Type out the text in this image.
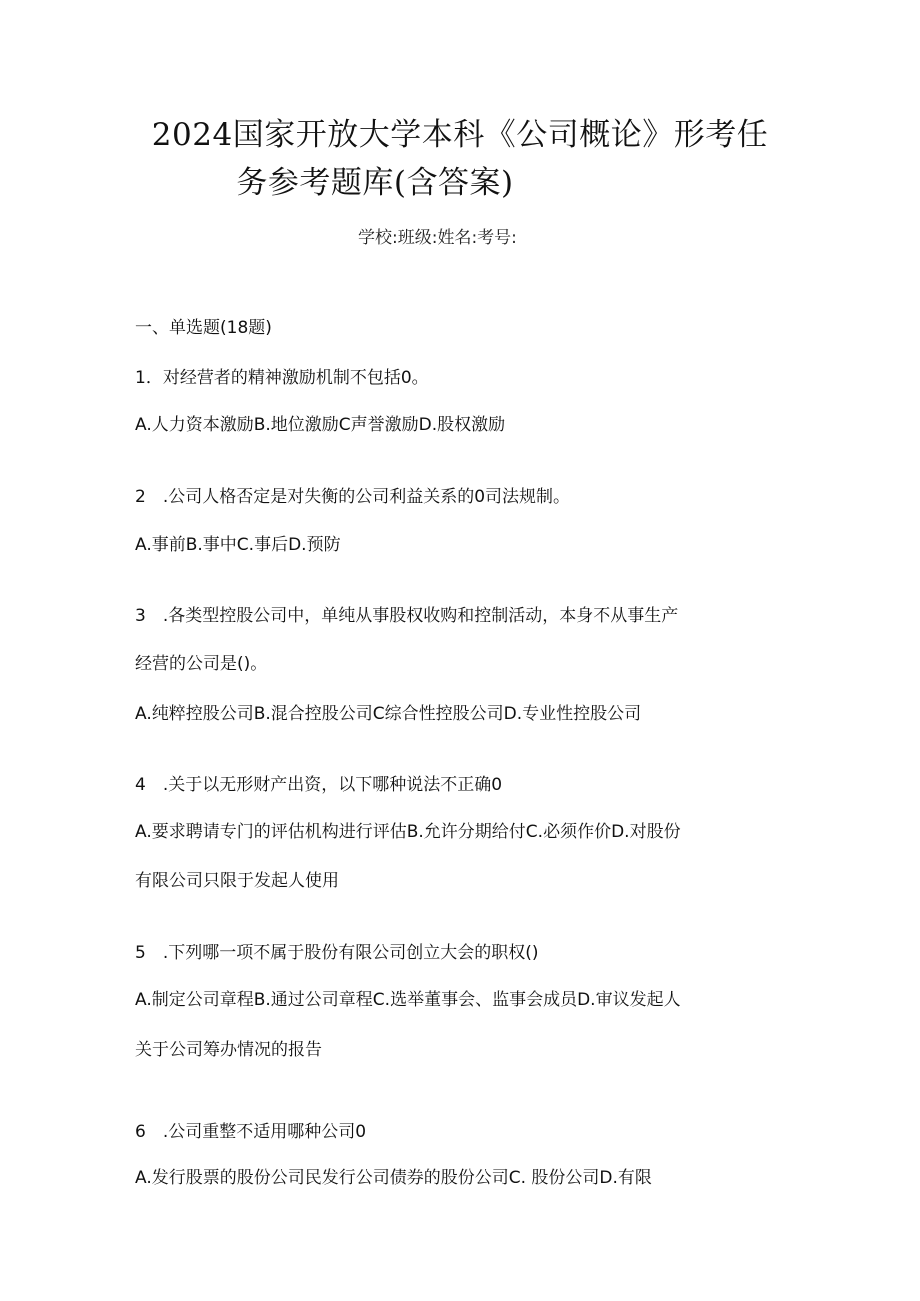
2024国家开放大学本科《公司概论》形考任
务参考题库(含答案)
学校:班级:姓名:考号:
一、单选题(18题)
1．对经营者的精神激励机制不包括0。
A.人力资本激励B.地位激励C声誉激励D.股权激励
2　.公司人格否定是对失衡的公司利益关系的0司法规制。
A.事前B.事中C.事后D.预防
3　.各类型控股公司中，单纯从事股权收购和控制活动，本身不从事生产
经营的公司是()。
A.纯粹控股公司B.混合控股公司C综合性控股公司D.专业性控股公司
4　.关于以无形财产出资，以下哪种说法不正确0
A.要求聘请专门的评估机构进行评估B.允许分期给付C.必须作价D.对股份
有限公司只限于发起人使用
5　.下列哪一项不属于股份有限公司创立大会的职权()
A.制定公司章程B.通过公司章程C.选举董事会、监事会成员D.审议发起人
关于公司筹办情况的报告
6　.公司重整不适用哪种公司0
A.发行股票的股份公司民发行公司债券的股份公司C. 股份公司D.有限
